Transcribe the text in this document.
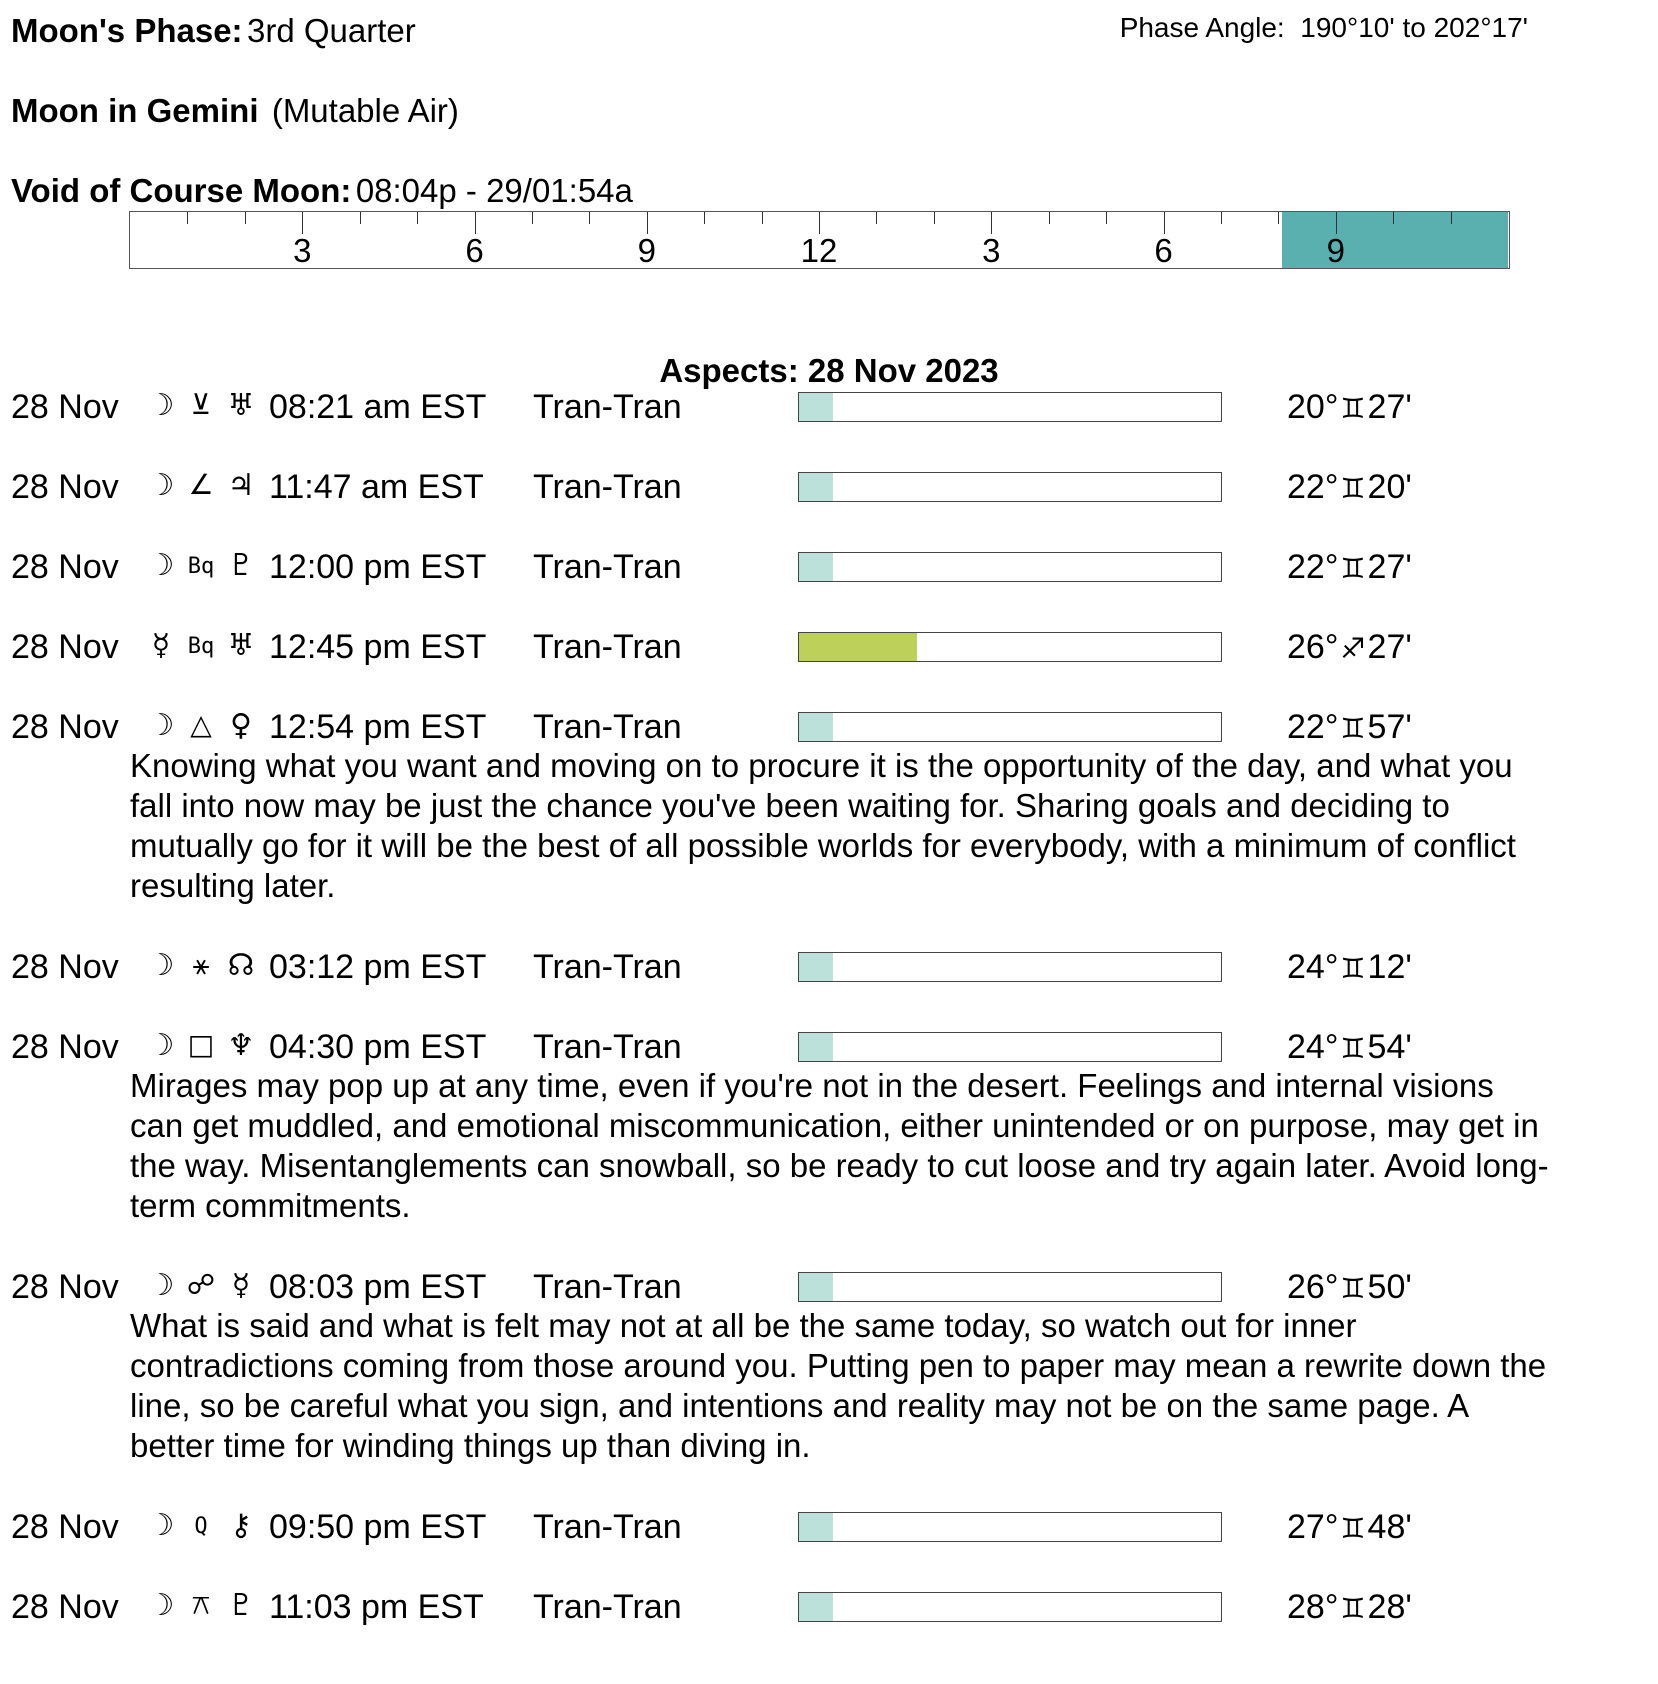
Moon's Phase: 3rd Quarter	Phase Angle: 190°10' to 202°17'
Moon in Gemini (Mutable Air)
Void of Course Moon: 08:04p - 29/01:54a
3	6	9	12	3	6	9
Aspects: 28 Nov 2023
28 Nov ☽ ⊻ ♅ 08:21 am EST Tran-Tran	20°♊27'
28 Nov ☽ ∠ ♃ 11:47 am EST Tran-Tran	22°♊20'
28 Nov ☽ Bq ♇ 12:00 pm EST Tran-Tran	22°♊27'
28 Nov	☿ Bq ♅ 12:45 pm EST Tran-Tran	26°♐27'
28 Nov ☽ △ ♀ 12:54 pm EST Tran-Tran	22°♊57'
Knowing what you want and moving on to procure it is the opportunity of the day, and what you fall into now may be just the chance you've been waiting for. Sharing goals and deciding to mutually go for it will be the best of all possible worlds for everybody, with a minimum of conflict resulting later.
28 Nov ☽ ⚹ ☊ 03:12 pm EST Tran-Tran	24°♊12'
28 Nov ☽ □ ♆ 04:30 pm EST Tran-Tran	24°♊54'
Mirages may pop up at any time, even if you're not in the desert. Feelings and internal visions can get muddled, and emotional miscommunication, either unintended or on purpose, may get in the way. Misentanglements can snowball, so be ready to cut loose and try again later. Avoid long-term commitments.
28 Nov ☽ ☍ ☿ 08:03 pm EST Tran-Tran	26°♊50'
What is said and what is felt may not at all be the same today, so watch out for inner contradictions coming from those around you. Putting pen to paper may mean a rewrite down the line, so be careful what you sign, and intentions and reality may not be on the same page. A better time for winding things up than diving in.
28 Nov ☽ Q ⚷ 09:50 pm EST Tran-Tran	27°♊48'
28 Nov ☽ ⚻ ♇ 11:03 pm EST Tran-Tran	28°♊28'
